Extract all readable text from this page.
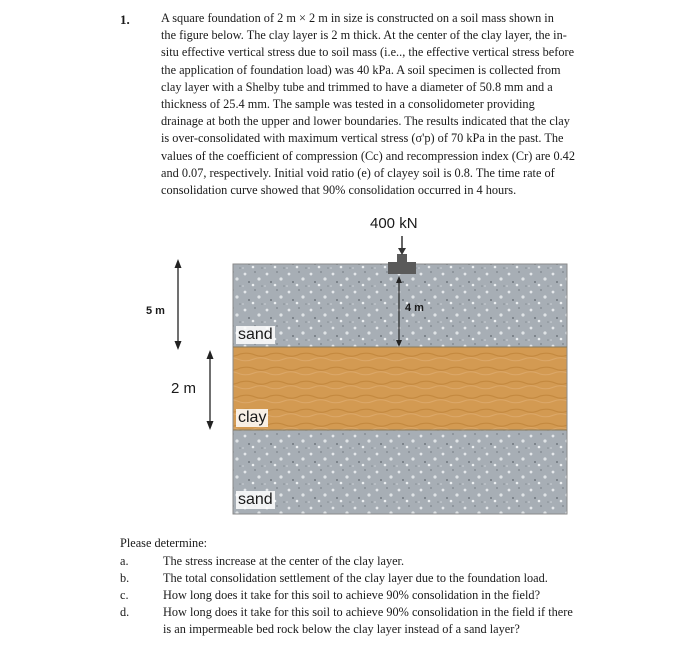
1.	A square foundation of 2 m × 2 m in size is constructed on a soil mass shown in
the figure below. The clay layer is 2 m thick. At the center of the clay layer, the in-
situ effective vertical stress due to soil mass (i.e.., the effective vertical stress before
the application of foundation load) was 40 kPa. A soil specimen is collected from
clay layer with a Shelby tube and trimmed to have a diameter of 50.8 mm and a
thickness of 25.4 mm. The sample was tested in a consolidometer providing
drainage at both the upper and lower boundaries. The results indicated that the clay
is over-consolidated with maximum vertical stress (σ'p) of 70 kPa in the past. The
values of the coefficient of compression (Cc) and recompression index (Cr) are 0.42
and 0.07, respectively. Initial void ratio (e) of clayey soil is 0.8. The time rate of
consolidation curve showed that 90% consolidation occurred in 4 hours.
400 kN
5 m
2 m
4 m
sand
clay
sand
Please determine:
a.	The stress increase at the center of the clay layer.
b.	The total consolidation settlement of the clay layer due to the foundation load.
c.	How long does it take for this soil to achieve 90% consolidation in the field?
d.	How long does it take for this soil to achieve 90% consolidation in the field if there
is an impermeable bed rock below the clay layer instead of a sand layer?
